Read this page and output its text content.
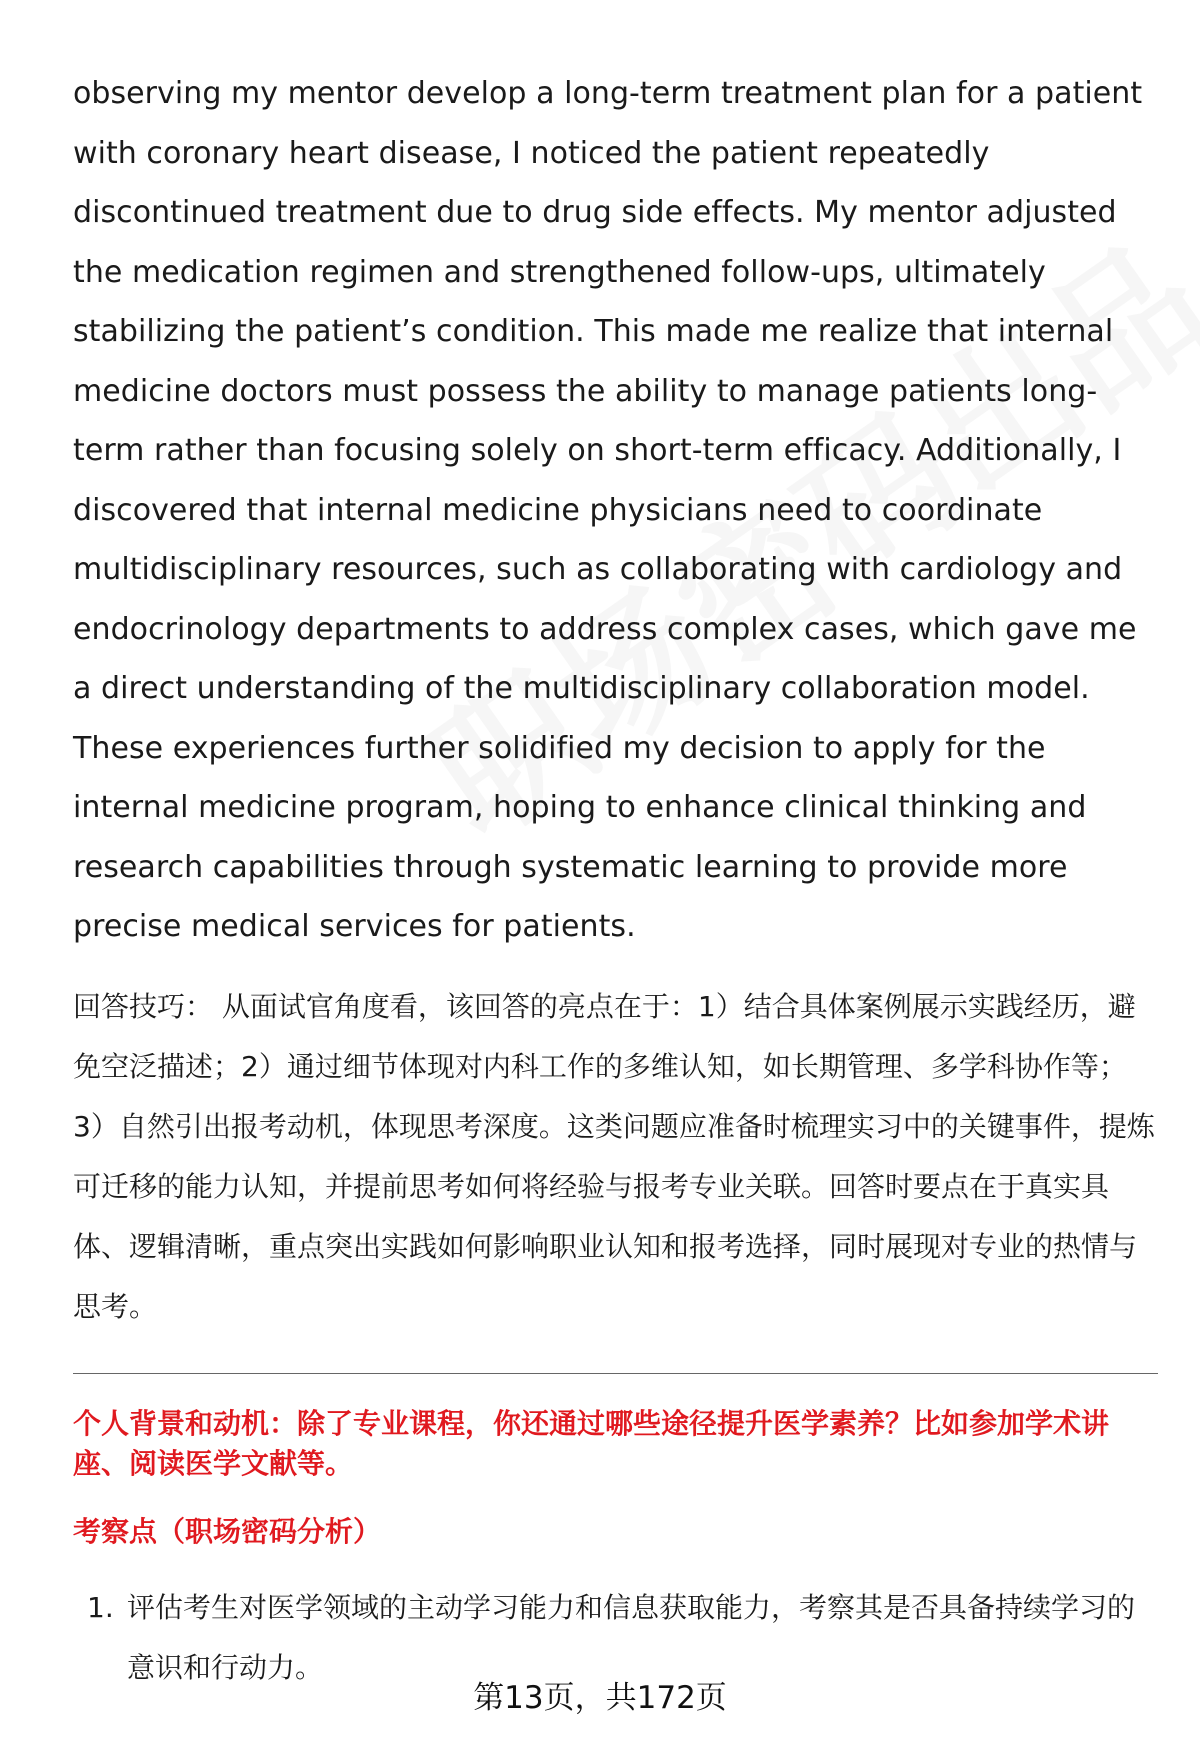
observing my mentor develop a long-term treatment plan for a patient with coronary heart disease, I noticed the patient repeatedly discontinued treatment due to drug side effects. My mentor adjusted the medication regimen and strengthened follow-ups, ultimately stabilizing the patient’s condition. This made me realize that internal medicine doctors must possess the ability to manage patients long-term rather than focusing solely on short-term efficacy. Additionally, I discovered that internal medicine physicians need to coordinate multidisciplinary resources, such as collaborating with cardiology and endocrinology departments to address complex cases, which gave me a direct understanding of the multidisciplinary collaboration model. These experiences further solidified my decision to apply for the internal medicine program, hoping to enhance clinical thinking and research capabilities through systematic learning to provide more precise medical services for patients.

回答技巧： 从面试官角度看，该回答的亮点在于：1）结合具体案例展示实践经历，避免空泛描述；2）通过细节体现对内科工作的多维认知，如长期管理、多学科协作等；3）自然引出报考动机，体现思考深度。这类问题应准备时梳理实习中的关键事件，提炼可迁移的能力认知，并提前思考如何将经验与报考专业关联。回答时要点在于真实具体、逻辑清晰，重点突出实践如何影响职业认知和报考选择，同时展现对专业的热情与思考。

个人背景和动机：除了专业课程，你还通过哪些途径提升医学素养？比如参加学术讲座、阅读医学文献等。

考察点（职场密码分析）

1. 评估考生对医学领域的主动学习能力和信息获取能力，考察其是否具备持续学习的意识和行动力。
第13页，共172页
